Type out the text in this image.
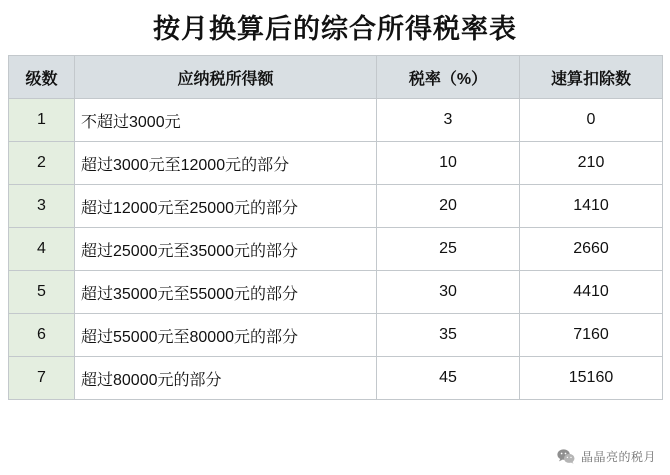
按月换算后的综合所得税率表
级数	应纳税所得额	税率（%）	速算扣除数
1	不超过3000元	3	0
2	超过3000元至12000元的部分	10	210
3	超过12000元至25000元的部分	20	1410
4	超过25000元至35000元的部分	25	2660
5	超过35000元至55000元的部分	30	4410
6	超过55000元至80000元的部分	35	7160
7	超过80000元的部分	45	15160
晶晶亮的税月
